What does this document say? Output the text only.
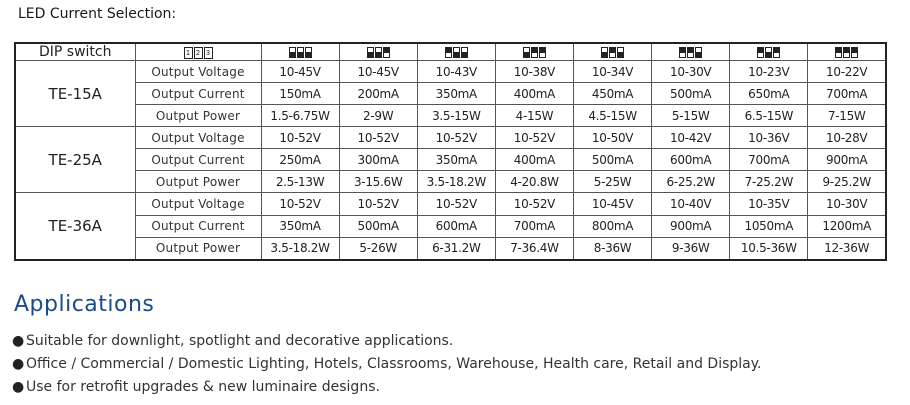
LED Current Selection:
DIP switch	1 2 3								

TE-15A	Output Voltage	10-45V	10-45V	10-43V	10-38V	10-34V	10-30V	10-23V	10-22V
	Output Current	150mA	200mA	350mA	400mA	450mA	500mA	650mA	700mA
	Output Power	1.5-6.75W	2-9W	3.5-15W	4-15W	4.5-15W	5-15W	6.5-15W	7-15W
TE-25A	Output Voltage	10-52V	10-52V	10-52V	10-52V	10-50V	10-42V	10-36V	10-28V
	Output Current	250mA	300mA	350mA	400mA	500mA	600mA	700mA	900mA
	Output Power	2.5-13W	3-15.6W	3.5-18.2W	4-20.8W	5-25W	6-25.2W	7-25.2W	9-25.2W
TE-36A	Output Voltage	10-52V	10-52V	10-52V	10-52V	10-45V	10-40V	10-35V	10-30V
	Output Current	350mA	500mA	600mA	700mA	800mA	900mA	1050mA	1200mA
	Output Power	3.5-18.2W	5-26W	6-31.2W	7-36.4W	8-36W	9-36W	10.5-36W	12-36W
Applications
● Suitable for downlight, spotlight and decorative applications.
● Office / Commercial / Domestic Lighting, Hotels, Classrooms, Warehouse, Health care, Retail and Display.
● Use for retrofit upgrades & new luminaire designs.
